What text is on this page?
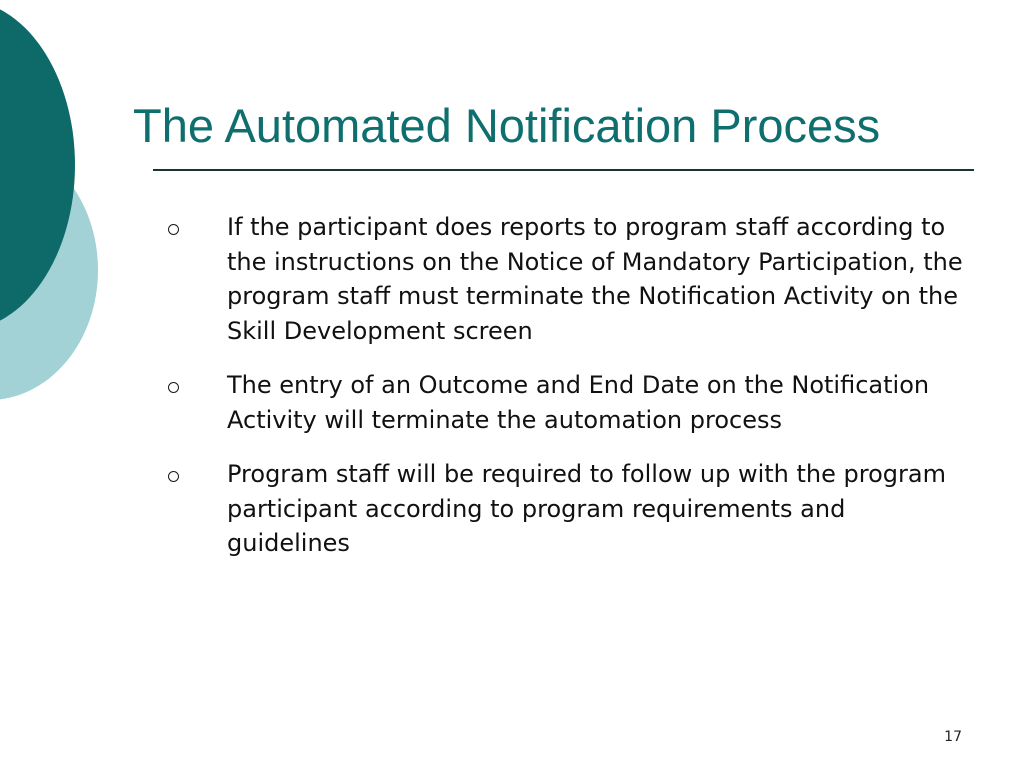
The Automated Notification Process
If the participant does reports to program staff according to the instructions on the Notice of Mandatory Participation, the program staff must terminate the Notification Activity on the Skill Development screen
The entry of an Outcome and End Date on the Notification Activity will terminate the automation process
Program staff will be required to follow up with the program participant according to program requirements and guidelines
17
